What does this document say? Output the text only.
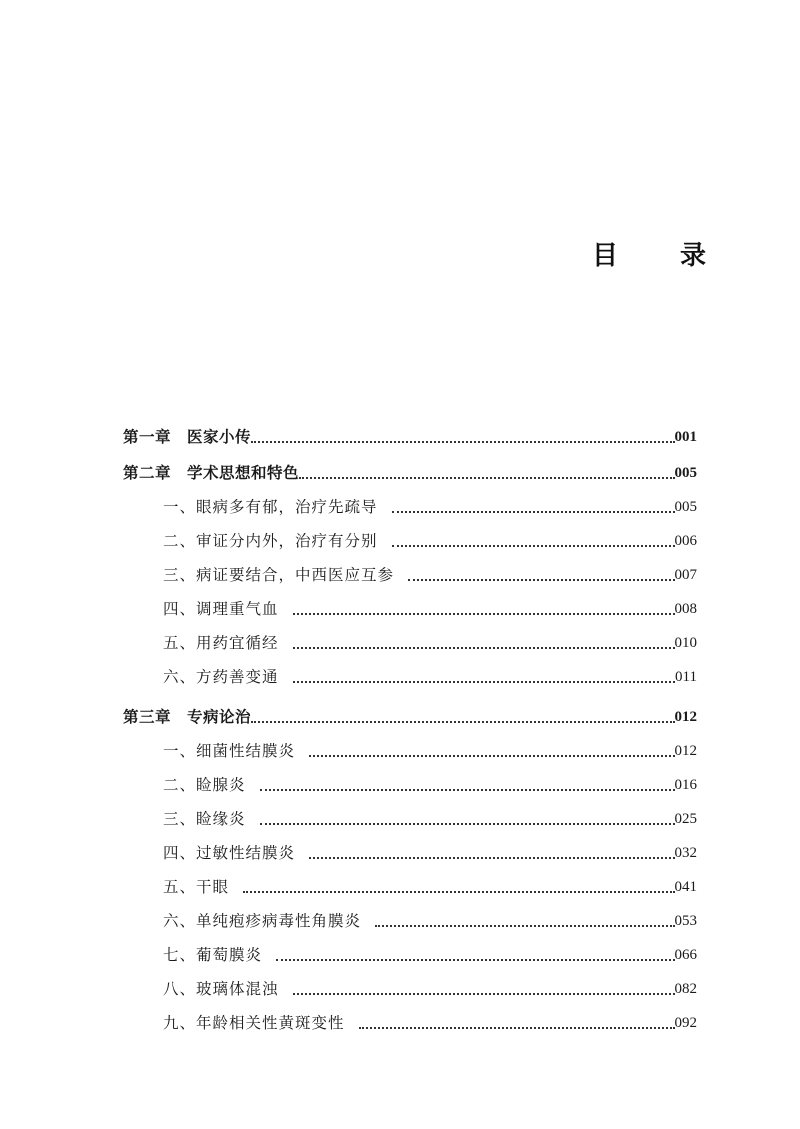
目　录
第一章 医家小传	001
第二章 学术思想和特色	005
一、眼病多有郁，治疗先疏导	005
二、审证分内外，治疗有分别	006
三、病证要结合，中西医应互参	007
四、调理重气血	008
五、用药宜循经	010
六、方药善变通	011
第三章 专病论治	012
一、细菌性结膜炎	012
二、睑腺炎	016
三、睑缘炎	025
四、过敏性结膜炎	032
五、干眼	041
六、单纯疱疹病毒性角膜炎	053
七、葡萄膜炎	066
八、玻璃体混浊	082
九、年龄相关性黄斑变性	092
